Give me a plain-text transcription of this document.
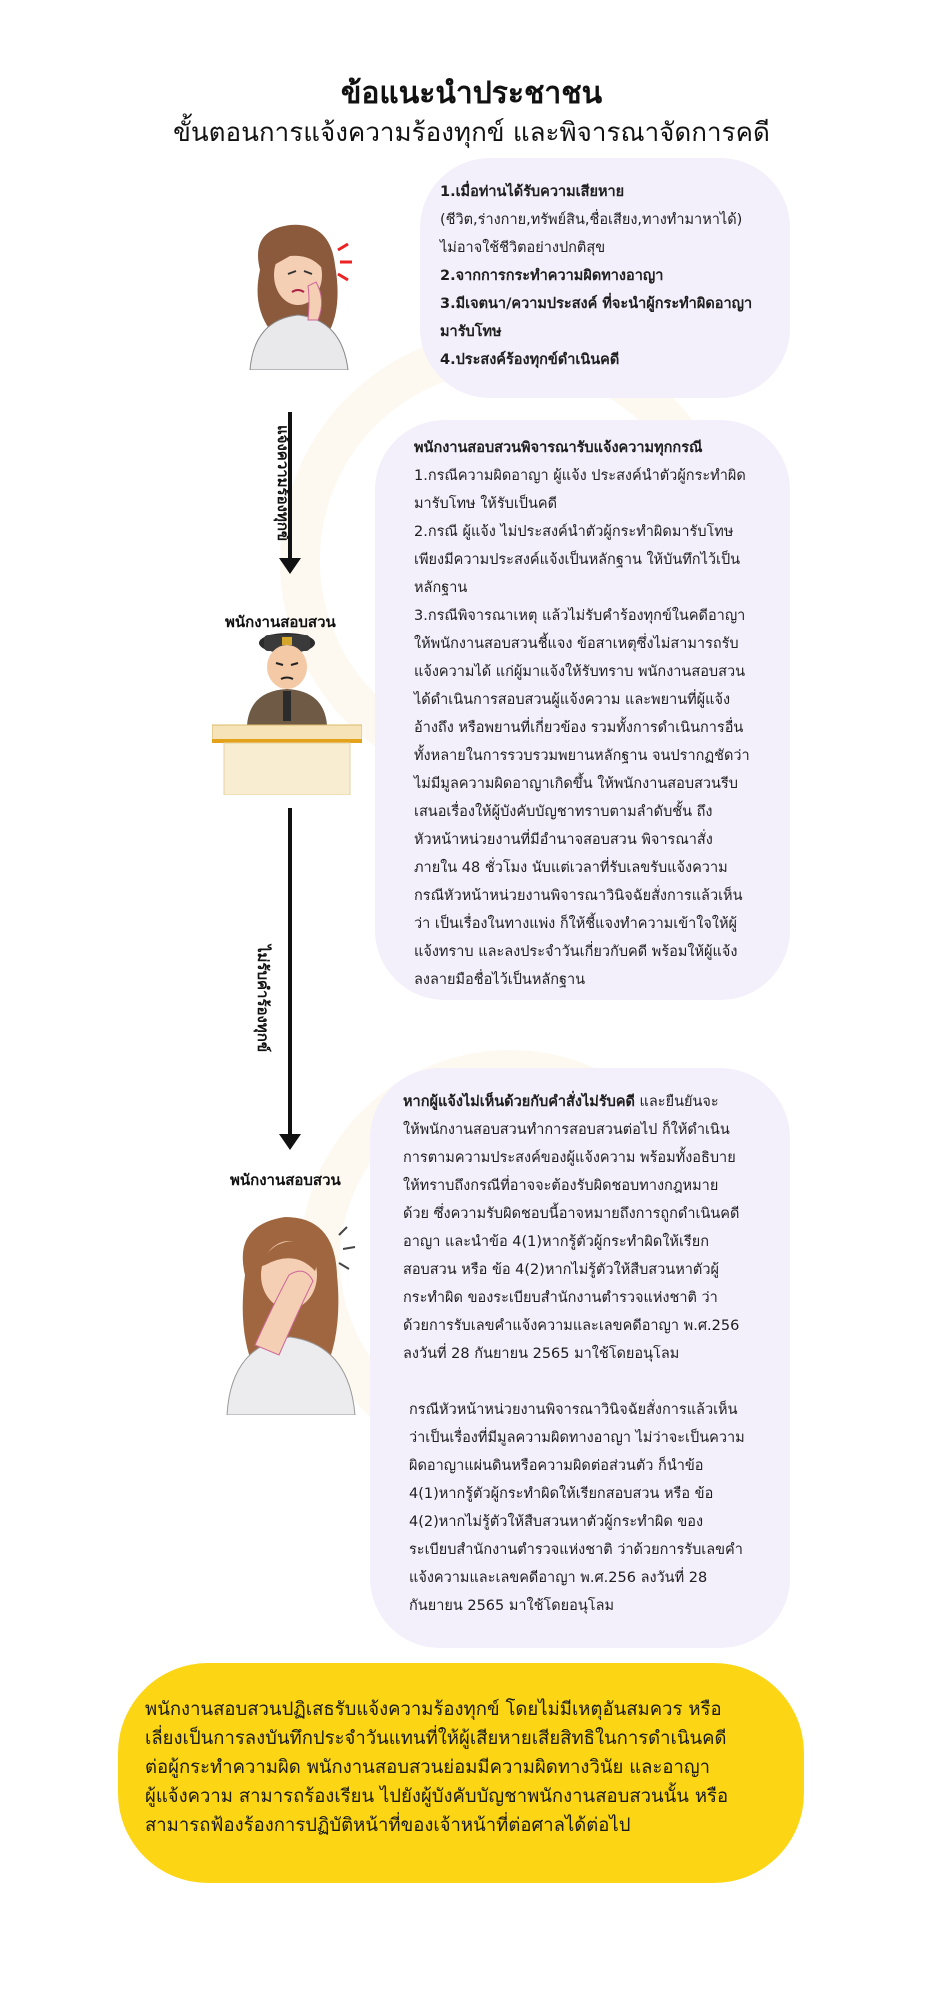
ข้อแนะนำประชาชน
ขั้นตอนการแจ้งความร้องทุกข์ และพิจารณาจัดการคดี

1.เมื่อท่านได้รับความเสียหาย

(ชีวิต,ร่างกาย,ทรัพย์สิน,ชื่อเสียง,ทางทำมาหาได้)

ไม่อาจใช้ชีวิตอย่างปกติสุข

2.จากการกระทำความผิดทางอาญา

3.มีเจตนา/ความประสงค์ ที่จะนำผู้กระทำผิดอาญา

มารับโทษ

4.ประสงค์ร้องทุกข์ดำเนินคดี

แจ้งความร้องทุกข์
พนักงานสอบสวน

พนักงานสอบสวนพิจารณารับแจ้งความทุกกรณี

1.กรณีความผิดอาญา ผู้แจ้ง ประสงค์นำตัวผู้กระทำผิด

มารับโทษ ให้รับเป็นคดี

2.กรณี ผู้แจ้ง ไม่ประสงค์นำตัวผู้กระทำผิดมารับโทษ

เพียงมีความประสงค์แจ้งเป็นหลักฐาน ให้บันทึกไว้เป็น

หลักฐาน

3.กรณีพิจารณาเหตุ แล้วไม่รับคำร้องทุกข์ในคดีอาญา

ให้พนักงานสอบสวนชี้แจง ข้อสาเหตุซึ่งไม่สามารถรับ

แจ้งความได้ แก่ผู้มาแจ้งให้รับทราบ พนักงานสอบสวน

ได้ดำเนินการสอบสวนผู้แจ้งความ และพยานที่ผู้แจ้ง

อ้างถึง หรือพยานที่เกี่ยวข้อง รวมทั้งการดำเนินการอื่น

ทั้งหลายในการรวบรวมพยานหลักฐาน จนปรากฏชัดว่า

ไม่มีมูลความผิดอาญาเกิดขึ้น ให้พนักงานสอบสวนรีบ

เสนอเรื่องให้ผู้บังคับบัญชาทราบตามลำดับชั้น ถึง

หัวหน้าหน่วยงานที่มีอำนาจสอบสวน พิจารณาสั่ง

ภายใน 48 ชั่วโมง นับแต่เวลาที่รับเลขรับแจ้งความ

กรณีหัวหน้าหน่วยงานพิจารณาวินิจฉัยสั่งการแล้วเห็น

ว่า เป็นเรื่องในทางแพ่ง ก็ให้ชี้แจงทำความเข้าใจให้ผู้

แจ้งทราบ และลงประจำวันเกี่ยวกับคดี พร้อมให้ผู้แจ้ง

ลงลายมือชื่อไว้เป็นหลักฐาน

ไม่รับคำร้องทุกข์
พนักงานสอบสวน

หากผู้แจ้งไม่เห็นด้วยกับคำสั่งไม่รับคดี และยืนยันจะ

ให้พนักงานสอบสวนทำการสอบสวนต่อไป ก็ให้ดำเนิน

การตามความประสงค์ของผู้แจ้งความ พร้อมทั้งอธิบาย

ให้ทราบถึงกรณีที่อาจจะต้องรับผิดชอบทางกฎหมาย

ด้วย ซึ่งความรับผิดชอบนี้อาจหมายถึงการถูกดำเนินคดี

อาญา และนำข้อ 4(1)หากรู้ตัวผู้กระทำผิดให้เรียก

สอบสวน หรือ ข้อ 4(2)หากไม่รู้ตัวให้สืบสวนหาตัวผู้

กระทำผิด ของระเบียบสำนักงานตำรวจแห่งชาติ ว่า

ด้วยการรับเลขคำแจ้งความและเลขคดีอาญา พ.ศ.256

ลงวันที่ 28 กันยายน 2565 มาใช้โดยอนุโลม

กรณีหัวหน้าหน่วยงานพิจารณาวินิจฉัยสั่งการแล้วเห็น

ว่าเป็นเรื่องที่มีมูลความผิดทางอาญา ไม่ว่าจะเป็นความ

ผิดอาญาแผ่นดินหรือความผิดต่อส่วนตัว ก็นำข้อ

4(1)หากรู้ตัวผู้กระทำผิดให้เรียกสอบสวน หรือ ข้อ

4(2)หากไม่รู้ตัวให้สืบสวนหาตัวผู้กระทำผิด ของ

ระเบียบสำนักงานตำรวจแห่งชาติ ว่าด้วยการรับเลขคำ

แจ้งความและเลขคดีอาญา พ.ศ.256 ลงวันที่ 28

กันยายน 2565 มาใช้โดยอนุโลม

พนักงานสอบสวนปฏิเสธรับแจ้งความร้องทุกข์ โดยไม่มีเหตุอันสมควร หรือ

เลี่ยงเป็นการลงบันทึกประจำวันแทนที่ให้ผู้เสียหายเสียสิทธิในการดำเนินคดี

ต่อผู้กระทำความผิด พนักงานสอบสวนย่อมมีความผิดทางวินัย และอาญา

ผู้แจ้งความ สามารถร้องเรียน ไปยังผู้บังคับบัญชาพนักงานสอบสวนนั้น หรือ

สามารถฟ้องร้องการปฏิบัติหน้าที่ของเจ้าหน้าที่ต่อศาลได้ต่อไป
